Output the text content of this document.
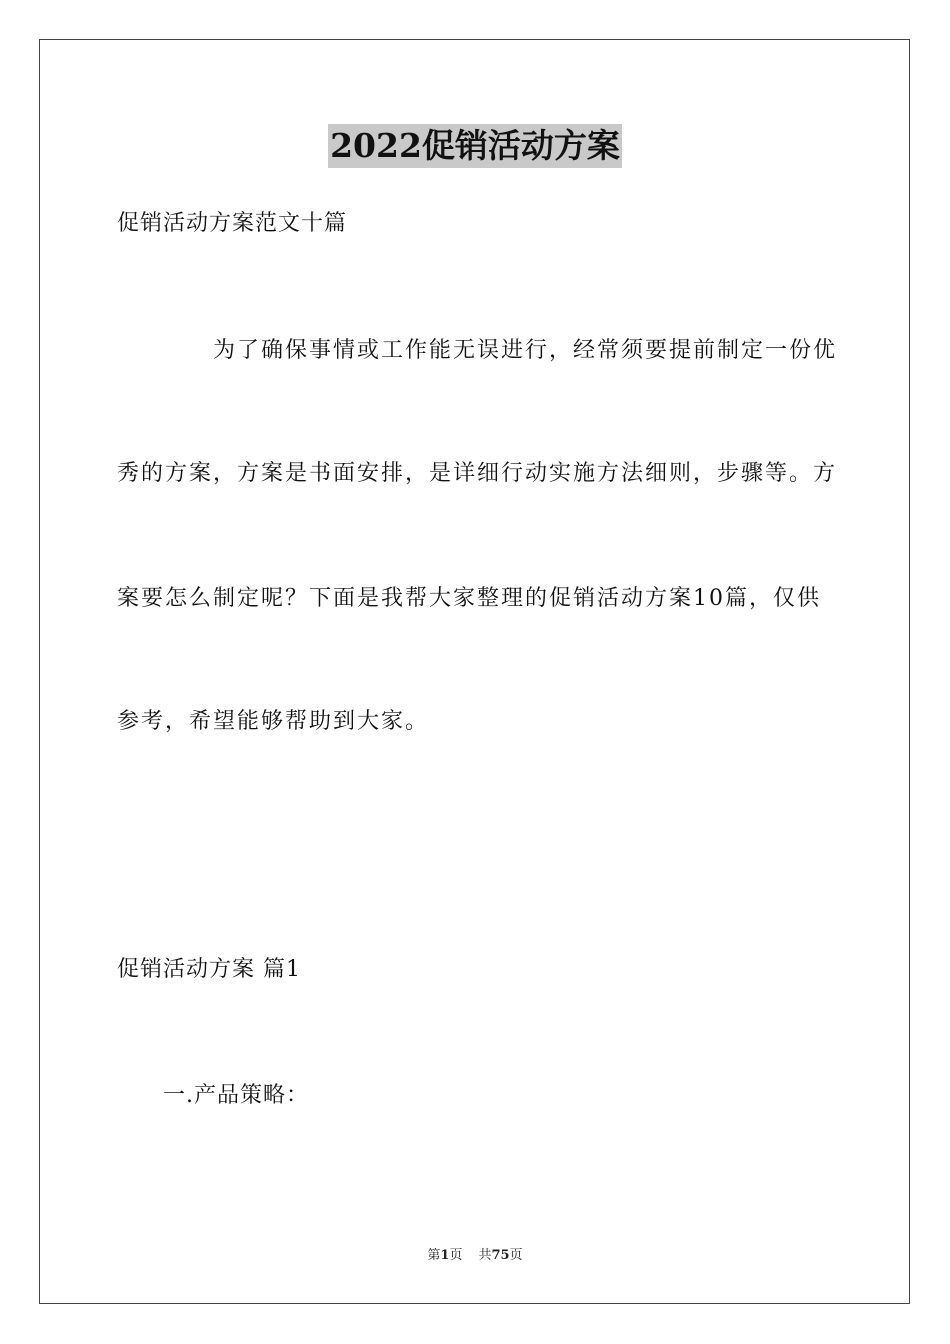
2022促销活动方案
促销活动方案范文十篇
为了确保事情或工作能无误进行，经常须要提前制定一份优
秀的方案，方案是书面安排，是详细行动实施方法细则，步骤等。方
案要怎么制定呢？下面是我帮大家整理的促销活动方案10篇，仅供
参考，希望能够帮助到大家。
促销活动方案 篇1
一.产品策略：
第1页 共75页
